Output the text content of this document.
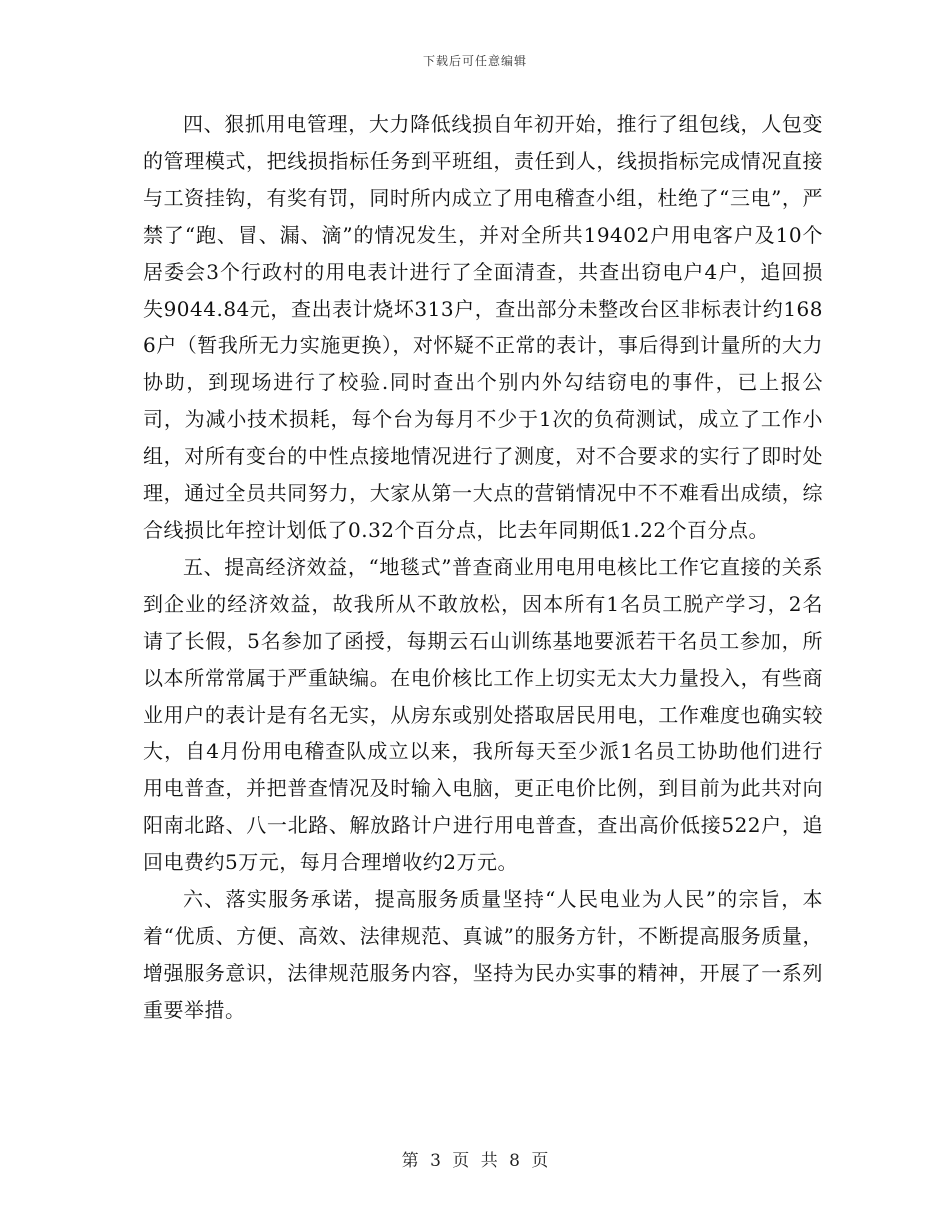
下载后可任意编辑

四、狠抓用电管理，大力降低线损自年初开始，推行了组包线，人包变的管理模式，把线损指标任务到平班组，责任到人，线损指标完成情况直接与工资挂钩，有奖有罚，同时所内成立了用电稽查小组，杜绝了“三电”，严禁了“跑、冒、漏、滴”的情况发生，并对全所共19402户用电客户及10个居委会3个行政村的用电表计进行了全面清查，共查出窃电户4户，追回损失9044.84元，查出表计烧坏313户，查出部分未整改台区非标表计约1686户（暂我所无力实施更换），对怀疑不正常的表计，事后得到计量所的大力协助，到现场进行了校验.同时查出个别内外勾结窃电的事件，已上报公司，为减小技术损耗，每个台为每月不少于1次的负荷测试，成立了工作小组，对所有变台的中性点接地情况进行了测度，对不合要求的实行了即时处理，通过全员共同努力，大家从第一大点的营销情况中不不难看出成绩，综合线损比年控计划低了0.32个百分点，比去年同期低1.22个百分点。

五、提高经济效益，“地毯式”普查商业用电用电核比工作它直接的关系到企业的经济效益，故我所从不敢放松，因本所有1名员工脱产学习，2名请了长假，5名参加了函授，每期云石山训练基地要派若干名员工参加，所以本所常常属于严重缺编。在电价核比工作上切实无太大力量投入，有些商业用户的表计是有名无实，从房东或别处搭取居民用电，工作难度也确实较大，自4月份用电稽查队成立以来，我所每天至少派1名员工协助他们进行用电普查，并把普查情况及时输入电脑，更正电价比例，到目前为此共对向阳南北路、八一北路、解放路计户进行用电普查，查出高价低接522户，追回电费约5万元，每月合理增收约2万元。

六、落实服务承诺，提高服务质量坚持“人民电业为人民”的宗旨，本着“优质、方便、高效、法律规范、真诚”的服务方针，不断提高服务质量，增强服务意识，法律规范服务内容，坚持为民办实事的精神，开展了一系列重要举措。

第 3 页 共 8 页
